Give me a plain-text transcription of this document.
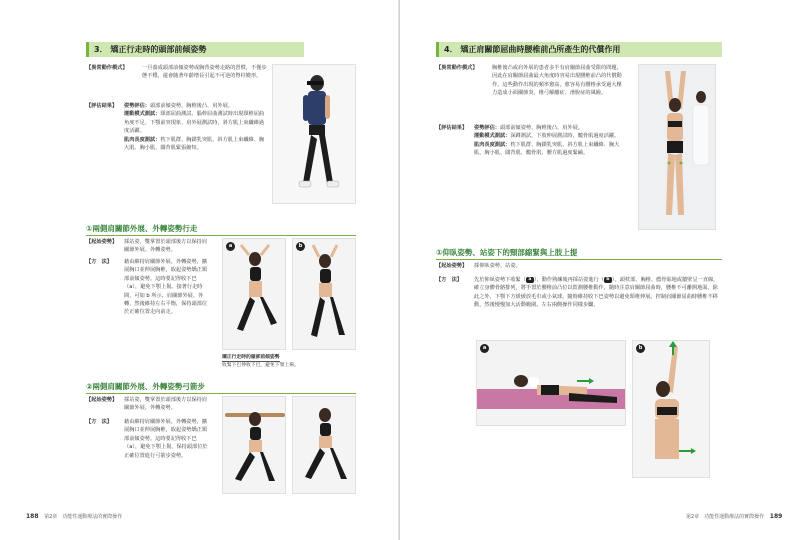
3． 矯正行走時的頭部前傾姿勢
【異常動作模式】	一旦養成頭部前傾姿勢或胸背姿勢走路的習慣，不僅步態不穩，還會隨著年齡增長引起不可逆的脊柱變形。
【評估結果】 姿勢評估：頭部前傾姿勢、胸椎後凸、肩外展。
運動模式測試：頸部屈曲測試、腦幹屈曲測試時出現頸椎屈曲角度不足、下顎前突現象、肩外展測試時，斜方肌上束纖維過度活躍。
肌肉長度測試：枕下肌群、胸鎖乳突肌、斜方肌上束纖維、胸大肌、胸小肌、闊背肌緊張縮短。
①兩側肩關節外展、外轉姿勢行走
【起始姿勢】 採站姿，雙掌置於頭部後方以保持肩關節外展、外轉姿勢。
【方　法】 藉由維持肩關節外展、外轉姿勢，擴展胸口並伸展胸椎，取起姿勢矯正頸部前傾姿勢。這時要記得收下巴（a），避免下顎上揚。接著行走時間，可如 b 所示，肩關節外展、外轉，然後維持左右平衡，保持頭部位於正確位置走向前走。
a	b
矯正行走時的頭部前傾姿勢
收緊下巴伸收下巴，避免下顎上揚。
②兩側肩關節外展、外轉姿勢弓箭步
【起始姿勢】 採站姿，雙掌置於頭部後方以保持肩關節外展、外轉姿勢。
【方　法】 藉由維持肩關節外展、外轉姿勢，擴展胸口並伸展胸椎，取起姿勢矯正頸部前傾姿勢。這時要記得收下巴（a），避免下顎上揚，保持頭部位於正確位置進行弓箭步姿勢。
188 第2章　功能性運動療法的實際操作
4． 矯正肩關節屈曲時腰椎前凸所產生的代償作用
【異常動作模式】	胸椎後凸或肩外展的患者多半有肩關節屈曲受限的問題，因此在肩關節屈曲最大角度時容易出現腰椎前凸的代償動作，這些動作出現的頻率愈高，愈容易有腰椎承受過大壓力造成小面關節炎、椎弓解離症、滑脫症的風險。
【評估結果】 姿勢評估：頭部前傾姿勢、胸椎後凸、肩外展。
運動模式測試：深蹲測試，下肢伸展測試時，髖骨肌過度活躍。
肌肉長度測試：枕下肌群、胸鎖乳突肌、斜方肌上束纖維、胸大肌、胸小肌、闊背肌、髖骨肌、腰方肌過度緊繃。
①仰臥姿勢、站姿下的頸部縮緊與上肢上提
【起始姿勢】 採仰臥姿勢、站姿。
【方　法】 先於仰臥姿勢下收緊（ a ），動作熟練後再採站姿進行（ b ）。頭枕部、胸椎、薦骨貼地或牆壁呈一直線，確立身體骨骼排列，將手置於腰椎前凸位以監測腰椎動作，隨時注意肩關節屈曲時，腰椎不可離開地面。除此之外，下顎下方緩緩放毛巾或小氣球，隨時維持收下巴姿勢以避免頸椎伸展。控制肩關節屈曲時腰椎不移動，然後慢慢加大活動範圍。左右兩側操作同樣步驟。
a	b
第2章　功能性運動療法的實際操作 189
